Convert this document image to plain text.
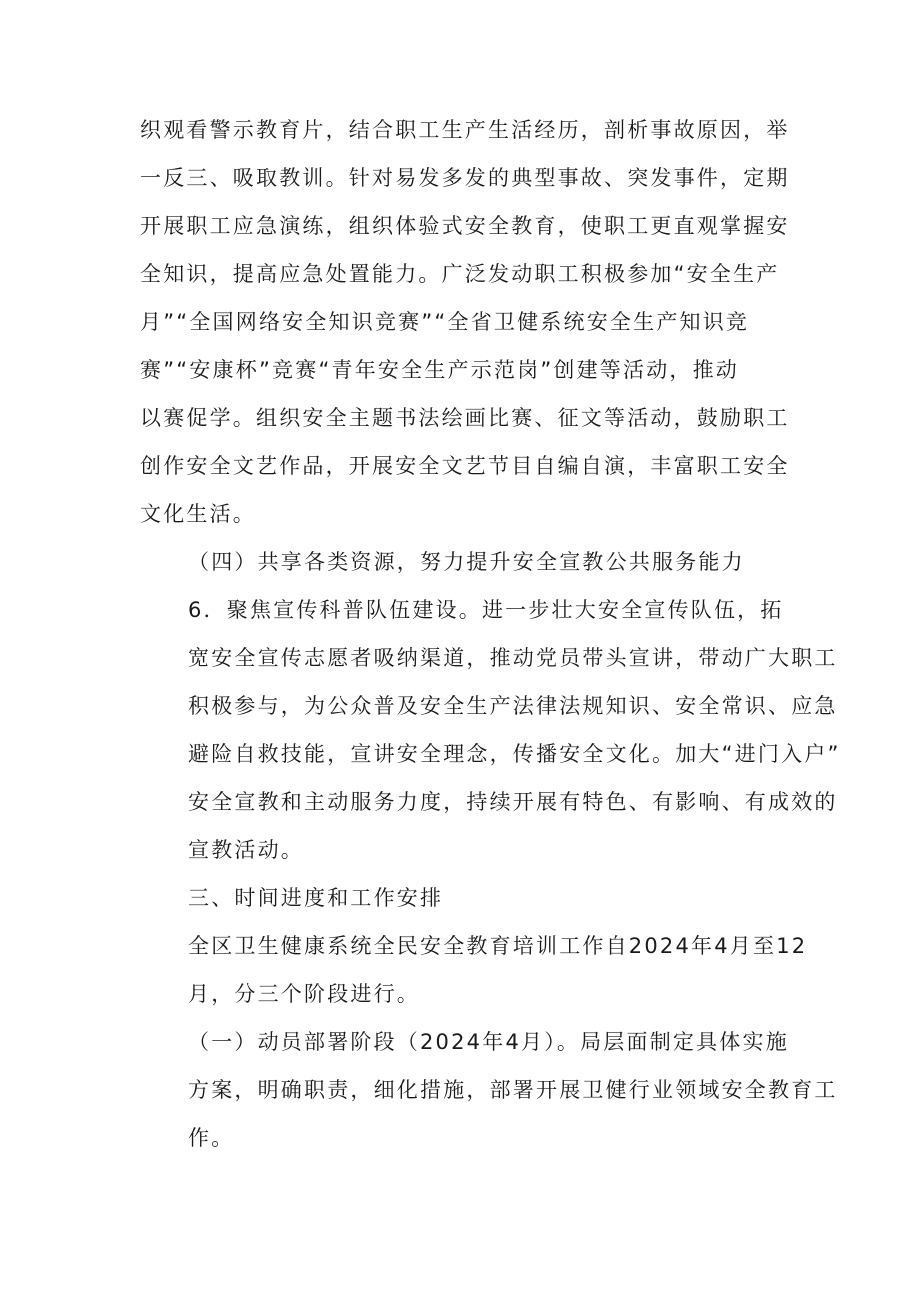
织观看警示教育片，结合职工生产生活经历，剖析事故原因，举
一反三、吸取教训。针对易发多发的典型事故、突发事件，定期
开展职工应急演练，组织体验式安全教育，使职工更直观掌握安
全知识，提高应急处置能力。广泛发动职工积极参加“安全生产
月”“全国网络安全知识竞赛”“全省卫健系统安全生产知识竞
赛”“安康杯”竞赛“青年安全生产示范岗”创建等活动，推动
以赛促学。组织安全主题书法绘画比赛、征文等活动，鼓励职工
创作安全文艺作品，开展安全文艺节目自编自演，丰富职工安全
文化生活。

（四）共享各类资源，努力提升安全宣教公共服务能力

6．聚焦宣传科普队伍建设。进一步壮大安全宣传队伍，拓
宽安全宣传志愿者吸纳渠道，推动党员带头宣讲，带动广大职工
积极参与，为公众普及安全生产法律法规知识、安全常识、应急
避险自救技能，宣讲安全理念，传播安全文化。加大“进门入户”
安全宣教和主动服务力度，持续开展有特色、有影响、有成效的
宣教活动。

三、时间进度和工作安排

全区卫生健康系统全民安全教育培训工作自2024年4月至12
月，分三个阶段进行。

（一）动员部署阶段（2024年4月）。局层面制定具体实施
方案，明确职责，细化措施，部署开展卫健行业领域安全教育工
作。
